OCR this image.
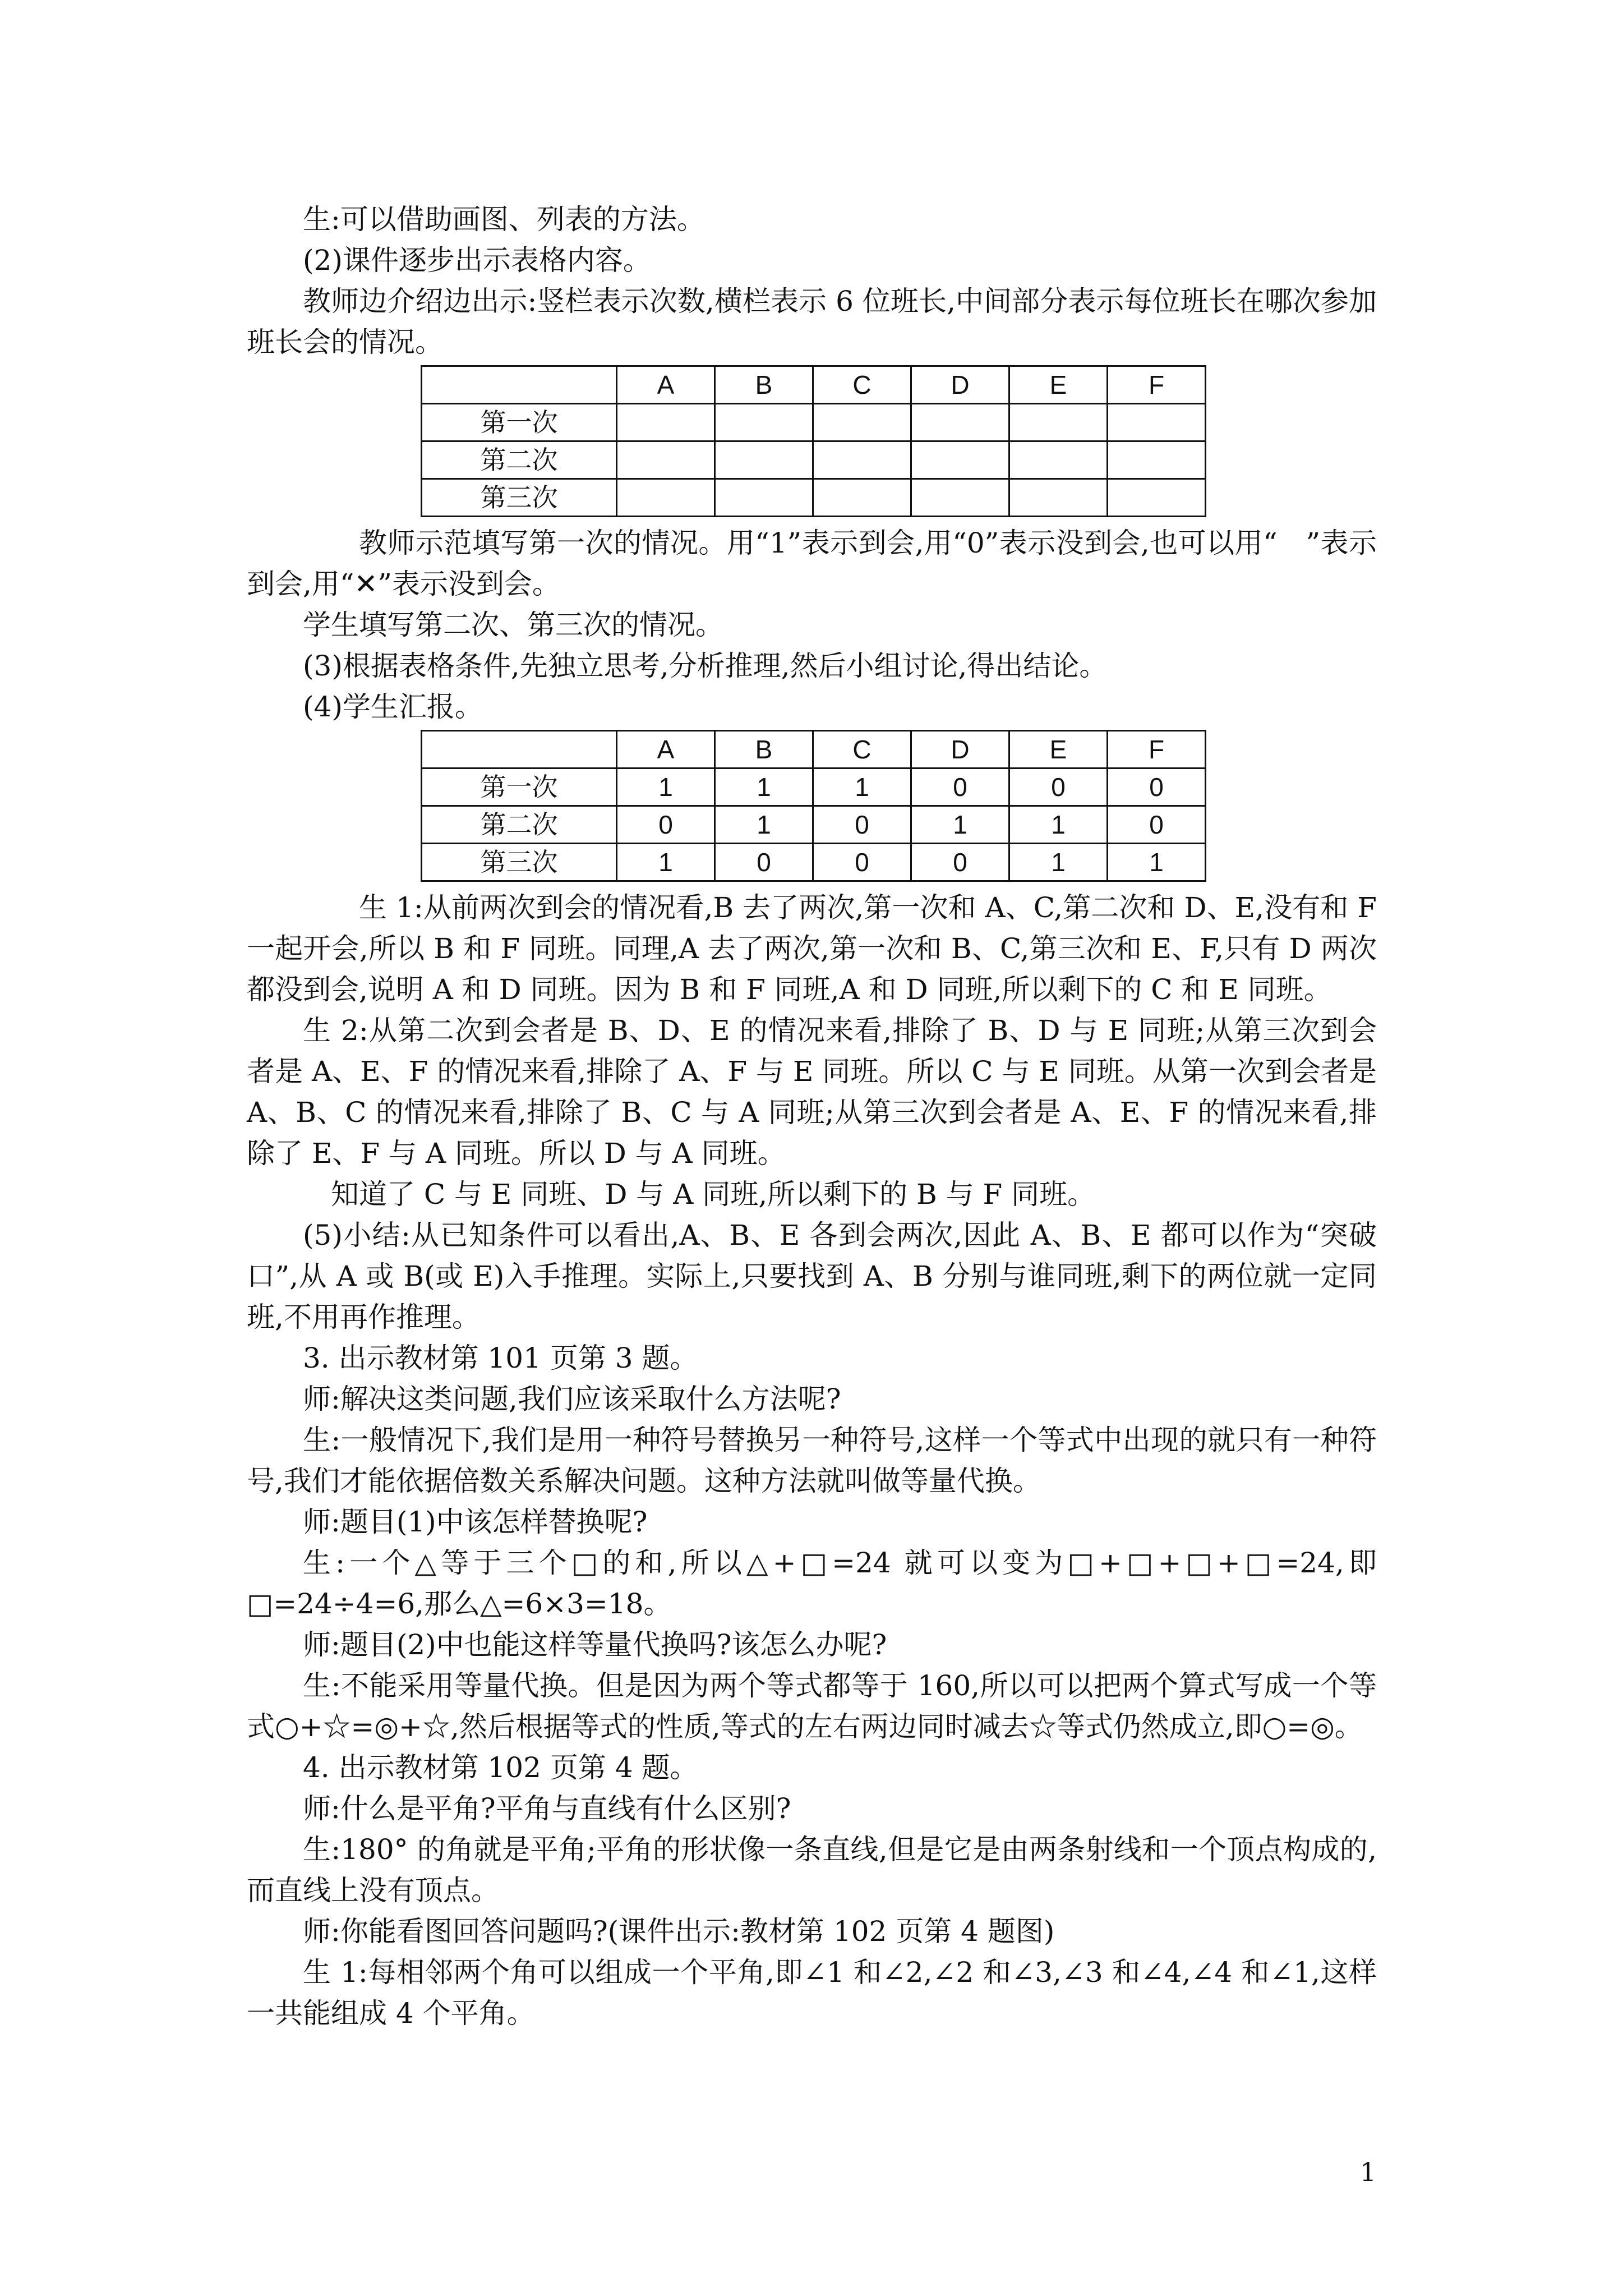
生:可以借助画图、列表的方法。

(2)课件逐步出示表格内容。

教师边介绍边出示:竖栏表示次数,横栏表示 6 位班长,中间部分表示每位班长在哪次参加班长会的情况。

	A	B	C	D	E	F
第一次						
第二次						
第三次						

教师示范填写第一次的情况。用“1”表示到会,用“0”表示没到会,也可以用“　”表示到会,用“✕”表示没到会。

学生填写第二次、第三次的情况。

(3)根据表格条件,先独立思考,分析推理,然后小组讨论,得出结论。

(4)学生汇报。

	A	B	C	D	E	F
第一次	1	1	1	0	0	0
第二次	0	1	0	1	1	0
第三次	1	0	0	0	1	1

生 1:从前两次到会的情况看,B 去了两次,第一次和 A、C,第二次和 D、E,没有和 F 一起开会,所以 B 和 F 同班。同理,A 去了两次,第一次和 B、C,第三次和 E、F,只有 D 两次都没到会,说明 A 和 D 同班。因为 B 和 F 同班,A 和 D 同班,所以剩下的 C 和 E 同班。

生 2:从第二次到会者是 B、D、E 的情况来看,排除了 B、D 与 E 同班;从第三次到会者是 A、E、F 的情况来看,排除了 A、F 与 E 同班。所以 C 与 E 同班。从第一次到会者是 A、B、C 的情况来看,排除了 B、C 与 A 同班;从第三次到会者是 A、E、F 的情况来看,排除了 E、F 与 A 同班。所以 D 与 A 同班。

知道了 C 与 E 同班、D 与 A 同班,所以剩下的 B 与 F 同班。

(5)小结:从已知条件可以看出,A、B、E 各到会两次,因此 A、B、E 都可以作为“突破口”,从 A 或 B(或 E)入手推理。实际上,只要找到 A、B 分别与谁同班,剩下的两位就一定同班,不用再作推理。

3. 出示教材第 101 页第 3 题。

师:解决这类问题,我们应该采取什么方法呢?

生:一般情况下,我们是用一种符号替换另一种符号,这样一个等式中出现的就只有一种符号,我们才能依据倍数关系解决问题。这种方法就叫做等量代换。

师:题目(1)中该怎样替换呢?

生:一个△等于三个□的和,所以△+□=24 就可以变为□+□+□+□=24,即□=24÷4=6,那么△=6×3=18。

师:题目(2)中也能这样等量代换吗?该怎么办呢?

生:不能采用等量代换。但是因为两个等式都等于 160,所以可以把两个算式写成一个等式○+☆=◎+☆,然后根据等式的性质,等式的左右两边同时减去☆等式仍然成立,即○=◎。

4. 出示教材第 102 页第 4 题。

师:什么是平角?平角与直线有什么区别?

生:180° 的角就是平角;平角的形状像一条直线,但是它是由两条射线和一个顶点构成的,而直线上没有顶点。

师:你能看图回答问题吗?(课件出示:教材第 102 页第 4 题图)

生 1:每相邻两个角可以组成一个平角,即∠1 和∠2,∠2 和∠3,∠3 和∠4,∠4 和∠1,这样一共能组成 4 个平角。

1
